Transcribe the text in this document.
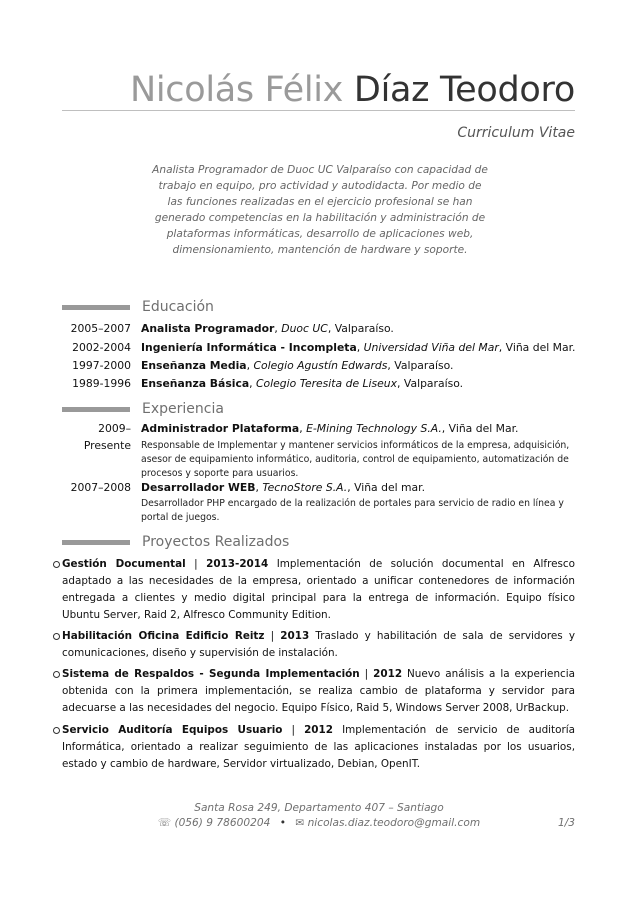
Nicolás Félix Díaz Teodoro
Curriculum Vitae
Analista Programador de Duoc UC Valparaíso con capacidad de trabajo en equipo, pro actividad y autodidacta. Por medio de las funciones realizadas en el ejercicio profesional se han generado competencias en la habilitación y administración de plataformas informáticas, desarrollo de aplicaciones web, dimensionamiento, mantención de hardware y soporte.
Educación
2005–2007 Analista Programador, Duoc UC, Valparaíso.
2002-2004 Ingeniería Informática - Incompleta, Universidad Viña del Mar, Viña del Mar.
1997-2000 Enseñanza Media, Colegio Agustín Edwards, Valparaíso.
1989-1996 Enseñanza Básica, Colegio Teresita de Liseux, Valparaíso.
Experiencia
2009–
Presente
Administrador Plataforma, E-Mining Technology S.A., Viña del Mar.
Responsable de Implementar y mantener servicios informáticos de la empresa, adquisición, asesor de equipamiento informático, auditoria, control de equipamiento, automatización de procesos y soporte para usuarios.
2007–2008 Desarrollador WEB, TecnoStore S.A., Viña del mar.
Desarrollador PHP encargado de la realización de portales para servicio de radio en línea y portal de juegos.
Proyectos Realizados
Gestión Documental | 2013-2014 Implementación de solución documental en Alfresco adaptado a las necesidades de la empresa, orientado a unificar contenedores de información entregada a clientes y medio digital principal para la entrega de información. Equipo físico Ubuntu Server, Raid 2, Alfresco Community Edition.
Habilitación Oficina Edificio Reitz | 2013 Traslado y habilitación de sala de servidores y comunicaciones, diseño y supervisión de instalación.
Sistema de Respaldos - Segunda Implementación | 2012 Nuevo análisis a la experiencia obtenida con la primera implementación, se realiza cambio de plataforma y servidor para adecuarse a las necesidades del negocio. Equipo Físico, Raid 5, Windows Server 2008, UrBackup.
Servicio Auditoría Equipos Usuario | 2012 Implementación de servicio de auditoría Informática, orientado a realizar seguimiento de las aplicaciones instaladas por los usuarios, estado y cambio de hardware, Servidor virtualizado, Debian, OpenIT.
Santa Rosa 249, Departamento 407 – Santiago
☏ (056) 9 78600204 • ✉ nicolas.diaz.teodoro@gmail.com	1/3
